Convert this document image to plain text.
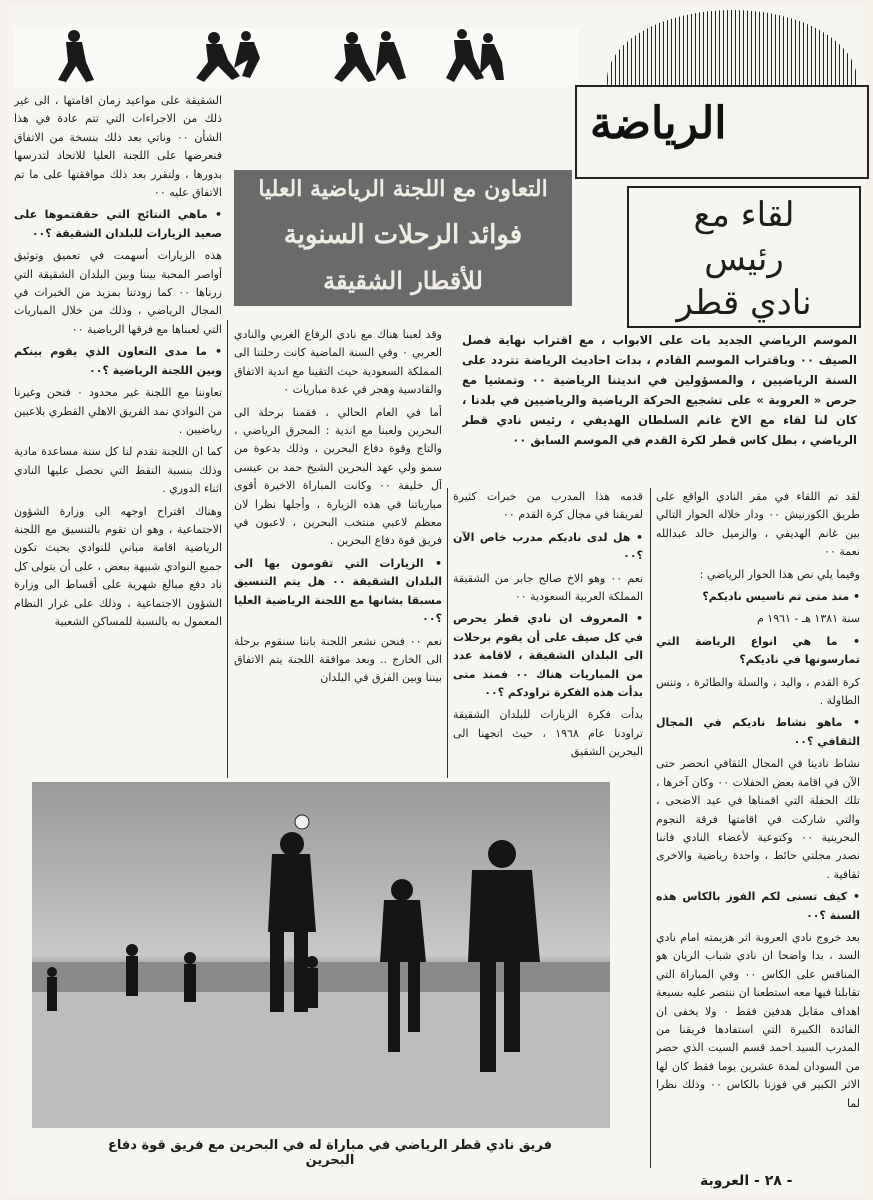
الرياضة
لقاء مع
رئيس
نادي قطر
التعاون مع اللجنة الرياضية العليا
فوائد الرحلات السنوية
للأقطار الشقيقة
الموسم الرياضي الجديد بات على الابواب ، مع اقتراب نهاية فصل الصيف ٠٠ وباقتراب الموسم القادم ، بدات احاديث الرياضة تتردد على السنة الرياضيين ، والمسؤولين في انديتنا الرياضية ٠٠ وتمشيا مع حرص « العروبة » على تشجيع الحركة الرياضية والرياضيين في بلدنا ، كان لنا لقاء مع الاخ غانم السلطان الهديفي ، رئيس نادي قطر الرياضي ، بطل كاس قطر لكرة القدم في الموسم السابق ٠٠

لقد تم اللقاء في مقر النادي الواقع على طريق الكورنيش ٠٠ ودار خلاله الحوار التالي بين غانم الهديفي ، والزميل خالد عبدالله نعمة ٠٠

وفيما يلي نص هذا الحوار الرياضي :

• منذ متى تم تاسيس ناديكم؟

سنة ١٣٨١ هـ - ١٩٦١ م

• ما هي انواع الرياضة التي تمارسونها في ناديكم؟

كرة القدم ، واليد ، والسلة والطائرة ، وتنس الطاولة .

• ماهو نشاط ناديكم في المجال الثقافي ؟٠٠

نشاط نادينا في المجال الثقافي انحصر حتى الآن في اقامة بعض الحفلات ٠٠ وكان آخرها ، تلك الحفلة التي اقمناها في عيد الاضحى ، والتي شاركت في اقامتها فرقة النجوم البحرينية ٠٠ وكتوعية لأعضاء النادي فاننا نصدر مجلتي حائط ، واحدة رياضية والاخرى ثقافية .

• كيف تسنى لكم الفوز بالكاس هذه السنة ؟٠٠

بعد خروج نادي العروبة اثر هزيمته امام نادي السد ، بدا واضحا ان نادي شباب الريان هو المنافس على الكاس ٠٠ وفي المباراة التي تقابلنا فيها معه استطعنا ان ننتصر عليه بسبعة اهداف مقابل هدفين فقط ٠ ولا يخفى ان الفائدة الكبيرة التي استفادها فريقنا من المدرب السيد احمد قسم السيت الذي حضر من السودان لمدة عشرين يوما فقط كان لها الاثر الكبير في فوزنا بالكاس ٠٠ وذلك نظرا لما

قدمه هذا المدرب من خبرات كثيرة لفريقنا في مجال كرة القدم ٠٠

• هل لدى ناديكم مدرب خاص الآن ؟٠٠

نعم ٠٠ وهو الاخ صالح جابر من الشقيقة المملكة العربية السعودية ٠٠

• المعروف ان نادي قطر يحرص في كل صيف على أن يقوم برحلات الى البلدان الشقيقة ، لاقامة عدد من المباريات هناك ٠٠ فمنذ متى بدأت هذه الفكرة تراودكم ؟٠٠

بدأت فكرة الزيارات للبلدان الشقيقة تراودنا عام ١٩٦٨ ، حيث اتجهنا الى البحرين الشقيق

وقد لعبنا هناك مع نادي الرفاع الغربي والنادي العربي ٠ وفي السنة الماضية كانت رحلتنا الى المملكة السعودية حيث التقينا مع اندية الاتفاق والقادسية وهجر في عدة مباريات ٠

أما في العام الحالي ، فقمنا برحلة الى البحرين ولعبنا مع اندية : المحرق الرياضي ، والتاج وقوة دفاع البحرين ، وذلك بدعوة من سمو ولي عهد البحرين الشيخ حمد بن عيسى آل خليفة ٠٠ وكانت المباراة الاخيرة أقوى مبارياتنا في هذه الزيارة ، وأجلها نظرا لان معظم لاعبي منتخب البحرين ، لاعبون في فريق قوة دفاع البحرين .

• الزيارات التي تقومون بها الى البلدان الشقيقة ٠٠ هل يتم التنسيق مسبقا بشانها مع اللجنة الرياضية العليا ؟٠٠

نعم ٠٠ فنحن نشعر اللجنة باننا سنقوم برحلة الى الخارج .. وبعد موافقة اللجنة يتم الاتفاق بيننا وبين الفرق في البلدان

الشقيقة على مواعيد زمان اقامتها ، الى غير ذلك من الاجراءات التي تتم عادة في هذا الشأن ٠٠ وناتي بعد ذلك بنسخة من الاتفاق فنعرضها على اللجنة العليا للاتحاد لتدرسها بدورها ، ولتقرر بعد ذلك موافقتها على ما تم الاتفاق عليه ٠٠

• ماهي النتائج التي حققتموها على صعيد الزيارات للبلدان الشقيقة ؟٠٠

هذه الزيارات أسهمت في تعميق وتوثيق أواصر المحبة بيننا وبين البلدان الشقيقة التي زرناها ٠٠ كما زودتنا بمزيد من الخبرات في المجال الرياضي ، وذلك من خلال المباريات التي لعبناها مع فرقها الرياضية ٠٠

• ما مدى التعاون الذي يقوم بينكم وبين اللجنة الرياضية ؟٠٠

تعاوننا مع اللجنة غير محدود ٠ فنحن وغيرنا من النوادي نمد الفريق الاهلي القطري بلاعبين رياضيين .

كما ان اللجنة تقدم لنا كل سنة مساعدة مادية وذلك بنسبة النقط التي نحصل عليها النادي اثناء الدوري .

وهناك اقتراح اوجهه الى وزارة الشؤون الاجتماعية ، وهو ان تقوم بالتنسيق مع اللجنة الرياضية اقامة مباني للنوادي بحيث تكون جميع النوادي شبيهة ببعض ، على أن يتولى كل ناد دفع مبالغ شهرية على أقساط الى وزارة الشؤون الاجتماعية ، وذلك على غرار النظام المعمول به بالنسبة للمساكن الشعبية

فريق نادي قطر الرياضي في مباراة له في البحرين مع فريق قوة دفاع البحرين
- ٢٨ - العروبة
